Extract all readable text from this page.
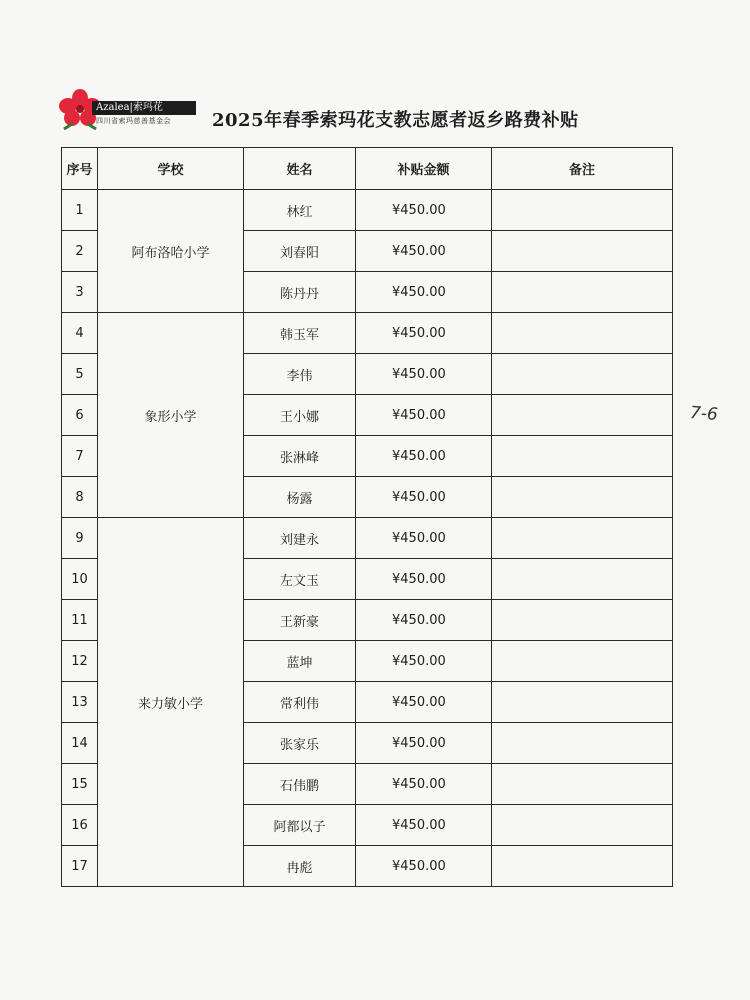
Azalea|索玛花
四川省索玛慈善基金会 2025年春季索玛花支教志愿者返乡路费补贴
序号	学校	姓名	补贴金额	备注
1	阿布洛哈小学	林红	¥450.00	
2		刘春阳	¥450.00	
3		陈丹丹	¥450.00	
4	象形小学	韩玉军	¥450.00	
5		李伟	¥450.00	
6		王小娜	¥450.00	
7		张淋峰	¥450.00	
8		杨露	¥450.00	
9	来力敏小学	刘建永	¥450.00	
10		左文玉	¥450.00	
11		王新豪	¥450.00	
12		蓝坤	¥450.00	
13		常利伟	¥450.00	
14		张家乐	¥450.00	
15		石伟鹏	¥450.00	
16		阿都以子	¥450.00	
17		冉彪	¥450.00	
7-6
